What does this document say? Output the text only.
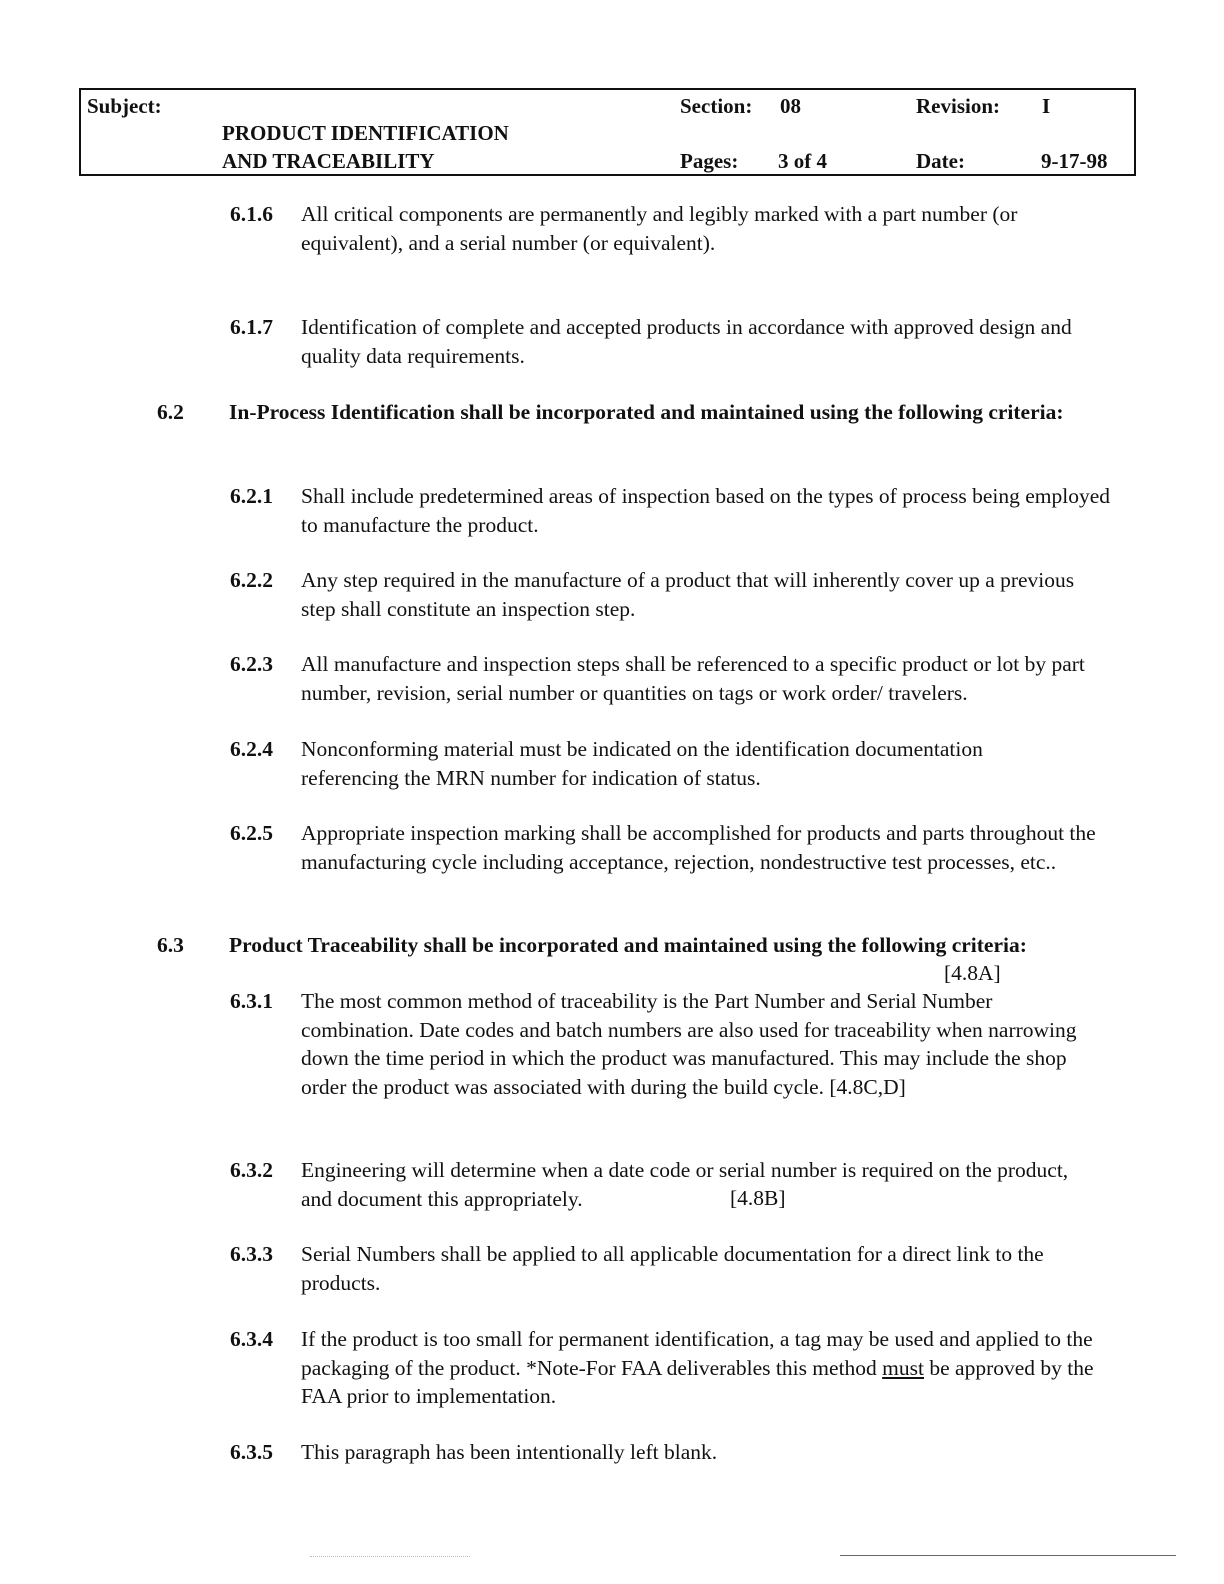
Subject:
PRODUCT IDENTIFICATION
AND TRACEABILITY
Section: 08	Revision: I
Pages: 3 of 4	Date:	9-17-98
6.1.6 All critical components are permanently and legibly marked with a part number (or equivalent), and a serial number (or equivalent).
6.1.7 Identification of complete and accepted products in accordance with approved design and quality data requirements.
6.2 In-Process Identification shall be incorporated and maintained using the following criteria:
6.2.1 Shall include predetermined areas of inspection based on the types of process being employed to manufacture the product.
6.2.2 Any step required in the manufacture of a product that will inherently cover up a previous step shall constitute an inspection step.
6.2.3 All manufacture and inspection steps shall be referenced to a specific product or lot by part number, revision, serial number or quantities on tags or work order/ travelers.
6.2.4 Nonconforming material must be indicated on the identification documentation referencing the MRN number for indication of status.
6.2.5 Appropriate inspection marking shall be accomplished for products and parts throughout the manufacturing cycle including acceptance, rejection, nondestructive test processes, etc..
6.3 Product Traceability shall be incorporated and maintained using the following criteria:
[4.8A]
6.3.1 The most common method of traceability is the Part Number and Serial Number combination. Date codes and batch numbers are also used for traceability when narrowing down the time period in which the product was manufactured. This may include the shop order the product was associated with during the build cycle. [4.8C,D]
6.3.2 Engineering will determine when a date code or serial number is required on the product, and document this appropriately.	[4.8B]
6.3.3 Serial Numbers shall be applied to all applicable documentation for a direct link to the products.
6.3.4 If the product is too small for permanent identification, a tag may be used and applied to the packaging of the product. *Note-For FAA deliverables this method must be approved by the FAA prior to implementation.
6.3.5 This paragraph has been intentionally left blank.
